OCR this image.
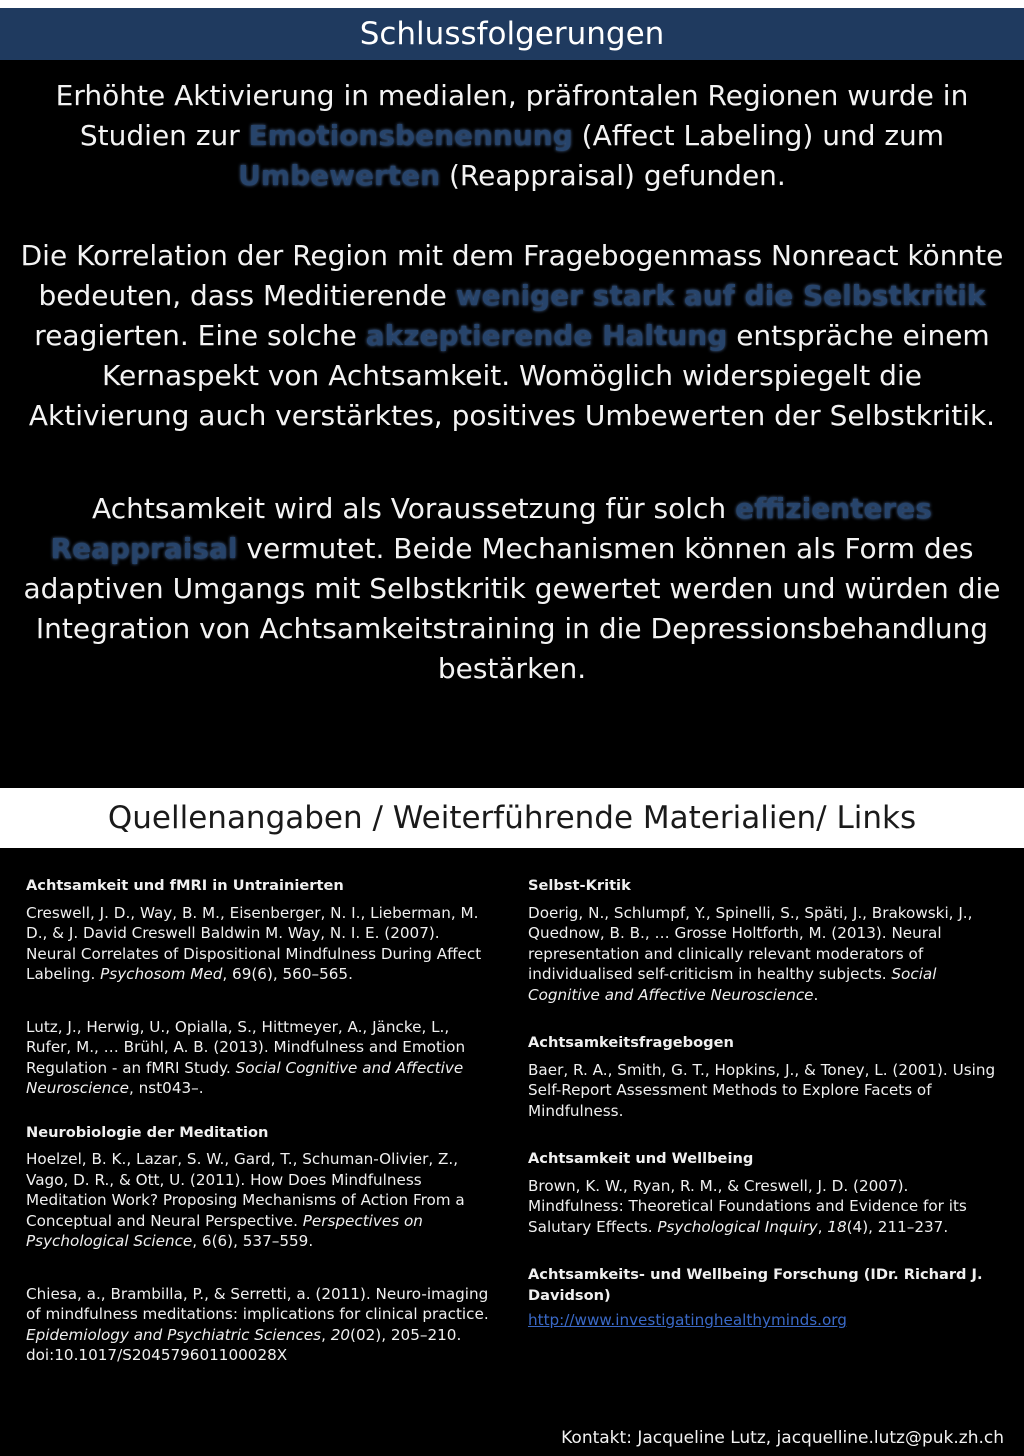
Schlussfolgerungen

Erhöhte Aktivierung in medialen, präfrontalen Regionen wurde in Studien zur Emotionsbenennung (Affect Labeling) und zum Umbewerten (Reappraisal) gefunden.

Die Korrelation der Region mit dem Fragebogenmass Nonreact könnte bedeuten, dass Meditierende weniger stark auf die Selbstkritik reagierten. Eine solche akzeptierende Haltung entspräche einem Kernaspekt von Achtsamkeit. Womöglich widerspiegelt die Aktivierung auch verstärktes, positives Umbewerten der Selbstkritik.

Achtsamkeit wird als Voraussetzung für solch effizienteres Reappraisal vermutet. Beide Mechanismen können als Form des adaptiven Umgangs mit Selbstkritik gewertet werden und würden die Integration von Achtsamkeitstraining in die Depressionsbehandlung bestärken.

Quellenangaben / Weiterführende Materialien/ Links

Achtsamkeit und fMRI in Untrainierten

Creswell, J. D., Way, B. M., Eisenberger, N. I., Lieberman, M. D., & J. David Creswell Baldwin M. Way, N. I. E. (2007). Neural Correlates of Dispositional Mindfulness During Affect Labeling. Psychosom Med, 69(6), 560–565.

Lutz, J., Herwig, U., Opialla, S., Hittmeyer, A., Jäncke, L., Rufer, M., … Brühl, A. B. (2013). Mindfulness and Emotion Regulation - an fMRI Study. Social Cognitive and Affective Neuroscience, nst043–.

Neurobiologie der Meditation

Hoelzel, B. K., Lazar, S. W., Gard, T., Schuman-Olivier, Z., Vago, D. R., & Ott, U. (2011). How Does Mindfulness Meditation Work? Proposing Mechanisms of Action From a Conceptual and Neural Perspective. Perspectives on Psychological Science, 6(6), 537–559.

Chiesa, a., Brambilla, P., & Serretti, a. (2011). Neuro-imaging of mindfulness meditations: implications for clinical practice. Epidemiology and Psychiatric Sciences, 20(02), 205–210. doi:10.1017/S204579601100028X

Selbst-Kritik

Doerig, N., Schlumpf, Y., Spinelli, S., Späti, J., Brakowski, J., Quednow, B. B., … Grosse Holtforth, M. (2013). Neural representation and clinically relevant moderators of individualised self-criticism in healthy subjects. Social Cognitive and Affective Neuroscience.

Achtsamkeitsfragebogen

Baer, R. A., Smith, G. T., Hopkins, J., & Toney, L. (2001). Using Self-Report Assessment Methods to Explore Facets of Mindfulness.

Achtsamkeit und Wellbeing

Brown, K. W., Ryan, R. M., & Creswell, J. D. (2007). Mindfulness: Theoretical Foundations and Evidence for its Salutary Effects. Psychological Inquiry, 18(4), 211–237.

Achtsamkeits- und Wellbeing Forschung (IDr. Richard J. Davidson)

http://www.investigatinghealthyminds.org

Kontakt: Jacqueline Lutz, jacquelline.lutz@puk.zh.ch
